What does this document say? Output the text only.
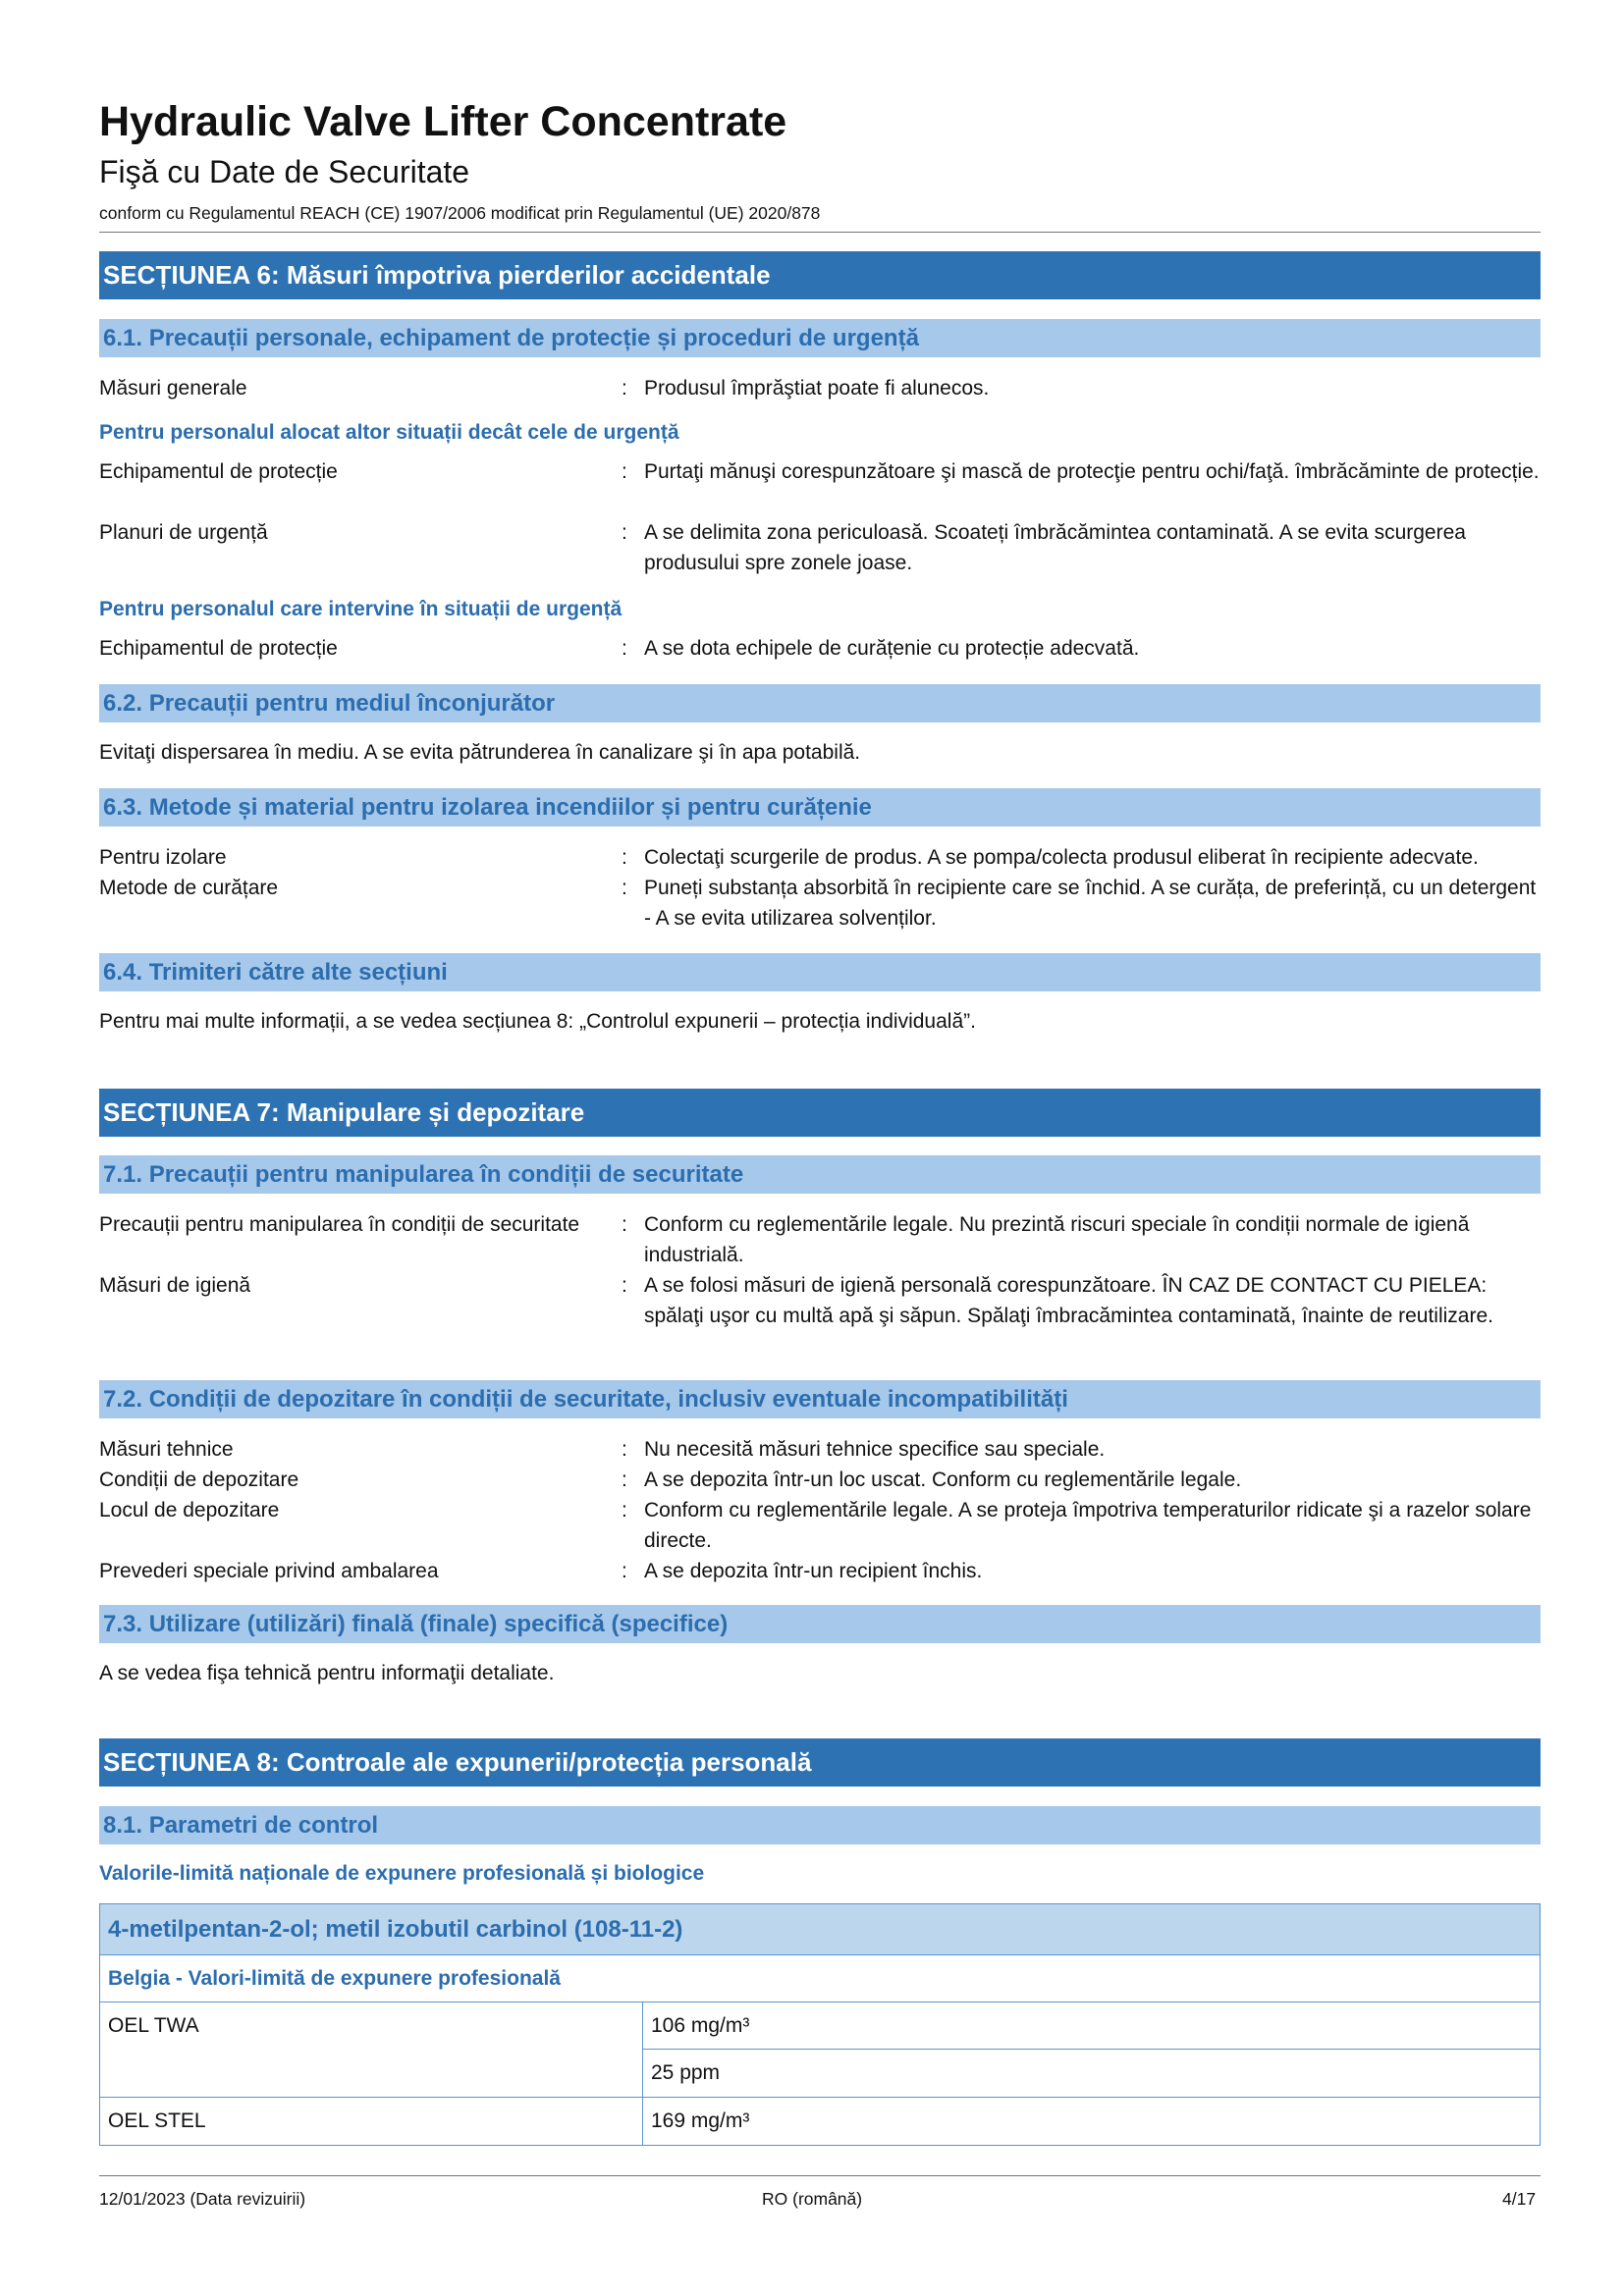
Hydraulic Valve Lifter Concentrate
Fişă cu Date de Securitate
conform cu Regulamentul REACH (CE) 1907/2006 modificat prin Regulamentul (UE) 2020/878
SECȚIUNEA 6: Măsuri împotriva pierderilor accidentale
6.1. Precauții personale, echipament de protecție și proceduri de urgență
Măsuri generale	: Produsul împrăştiat poate fi alunecos.
Pentru personalul alocat altor situații decât cele de urgență
Echipamentul de protecție	: Purtaţi mănuşi corespunzătoare şi mască de protecţie pentru ochi/faţă. îmbrăcăminte de protecție.
Planuri de urgență	: A se delimita zona periculoasă. Scoateți îmbrăcămintea contaminată. A se evita scurgerea produsului spre zonele joase.
Pentru personalul care intervine în situații de urgență
Echipamentul de protecție	: A se dota echipele de curățenie cu protecție adecvată.
6.2. Precauții pentru mediul înconjurător
Evitaţi dispersarea în mediu. A se evita pătrunderea în canalizare şi în apa potabilă.
6.3. Metode și material pentru izolarea incendiilor și pentru curățenie
Pentru izolare	: Colectaţi scurgerile de produs. A se pompa/colecta produsul eliberat în recipiente adecvate.
Metode de curățare	: Puneți substanța absorbită în recipiente care se închid. A se curăța, de preferință, cu un detergent - A se evita utilizarea solvenților.
6.4. Trimiteri către alte secțiuni
Pentru mai multe informații, a se vedea secțiunea 8: „Controlul expunerii – protecția individuală”.
SECȚIUNEA 7: Manipulare și depozitare
7.1. Precauții pentru manipularea în condiții de securitate
Precauții pentru manipularea în condiții de securitate	: Conform cu reglementările legale. Nu prezintă riscuri speciale în condiții normale de igienă industrială.
Măsuri de igienă	: A se folosi măsuri de igienă personală corespunzătoare. ÎN CAZ DE CONTACT CU PIELEA: spălaţi uşor cu multă apă şi săpun. Spălaţi îmbracămintea contaminată, înainte de reutilizare.
7.2. Condiții de depozitare în condiții de securitate, inclusiv eventuale incompatibilități
Măsuri tehnice	: Nu necesită măsuri tehnice specifice sau speciale.
Condiții de depozitare	: A se depozita într-un loc uscat. Conform cu reglementările legale.
Locul de depozitare	: Conform cu reglementările legale. A se proteja împotriva temperaturilor ridicate şi a razelor solare directe.
Prevederi speciale privind ambalarea	: A se depozita într-un recipient închis.
7.3. Utilizare (utilizări) finală (finale) specifică (specifice)
A se vedea fişa tehnică pentru informaţii detaliate.
SECȚIUNEA 8: Controale ale expunerii/protecția personală
8.1. Parametri de control
Valorile-limită naționale de expunere profesională și biologice
4-metilpentan-2-ol; metil izobutil carbinol (108-11-2)
Belgia - Valori-limită de expunere profesională
OEL TWA	106 mg/m³
25 ppm
OEL STEL	169 mg/m³
12/01/2023 (Data revizuirii)	RO (română)	4/17
